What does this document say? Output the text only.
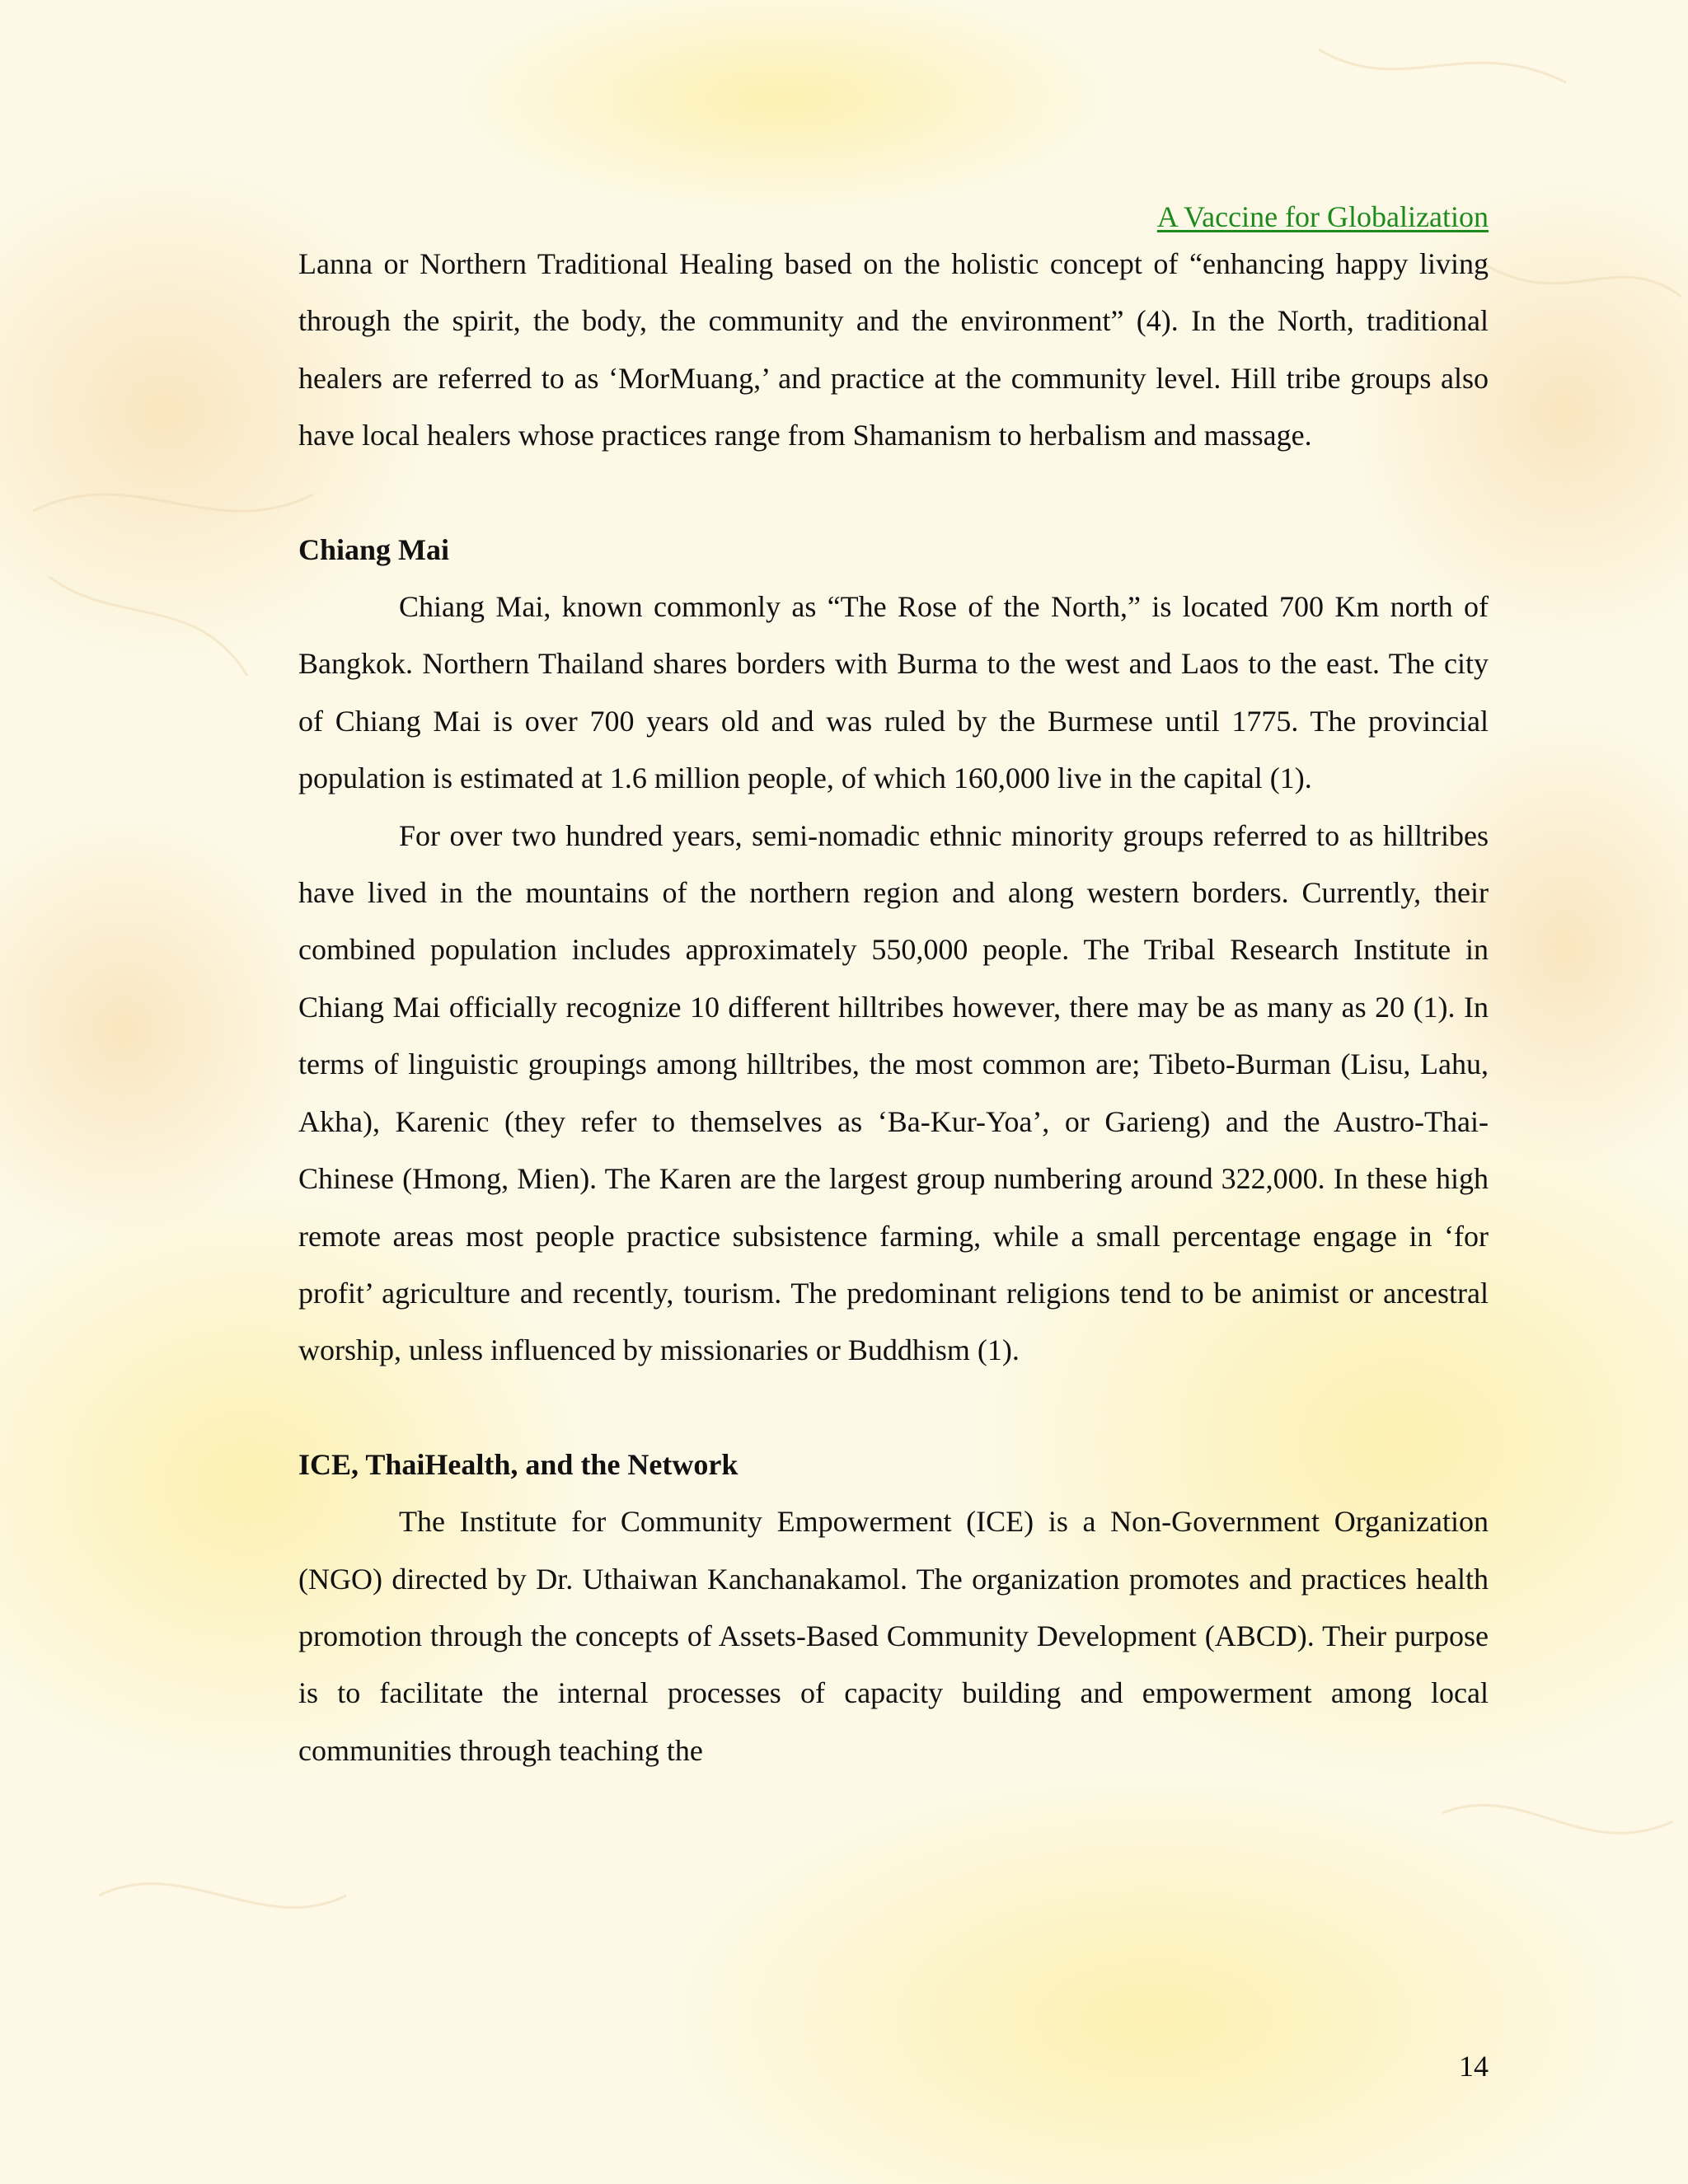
A Vaccine for Globalization

Lanna or Northern Traditional Healing based on the holistic concept of “enhancing happy living through the spirit, the body, the community and the environment” (4). In the North, traditional healers are referred to as ‘MorMuang,’ and practice at the community level. Hill tribe groups also have local healers whose practices range from Shamanism to herbalism and massage.

Chiang Mai

Chiang Mai, known commonly as “The Rose of the North,” is located 700 Km north of Bangkok. Northern Thailand shares borders with Burma to the west and Laos to the east. The city of Chiang Mai is over 700 years old and was ruled by the Burmese until 1775. The provincial population is estimated at 1.6 million people, of which 160,000 live in the capital (1).

For over two hundred years, semi-nomadic ethnic minority groups referred to as hilltribes have lived in the mountains of the northern region and along western borders. Currently, their combined population includes approximately 550,000 people. The Tribal Research Institute in Chiang Mai officially recognize 10 different hilltribes however, there may be as many as 20 (1). In terms of linguistic groupings among hilltribes, the most common are; Tibeto-Burman (Lisu, Lahu, Akha), Karenic (they refer to themselves as ‘Ba-Kur-Yoa’, or Garieng) and the Austro-Thai-Chinese (Hmong, Mien). The Karen are the largest group numbering around 322,000. In these high remote areas most people practice subsistence farming, while a small percentage engage in ‘for profit’ agriculture and recently, tourism. The predominant religions tend to be animist or ancestral worship, unless influenced by missionaries or Buddhism (1).

ICE, ThaiHealth, and the Network

The Institute for Community Empowerment (ICE) is a Non-Government Organization (NGO) directed by Dr. Uthaiwan Kanchanakamol. The organization promotes and practices health promotion through the concepts of Assets-Based Community Development (ABCD). Their purpose is to facilitate the internal processes of capacity building and empowerment among local communities through teaching the

14
